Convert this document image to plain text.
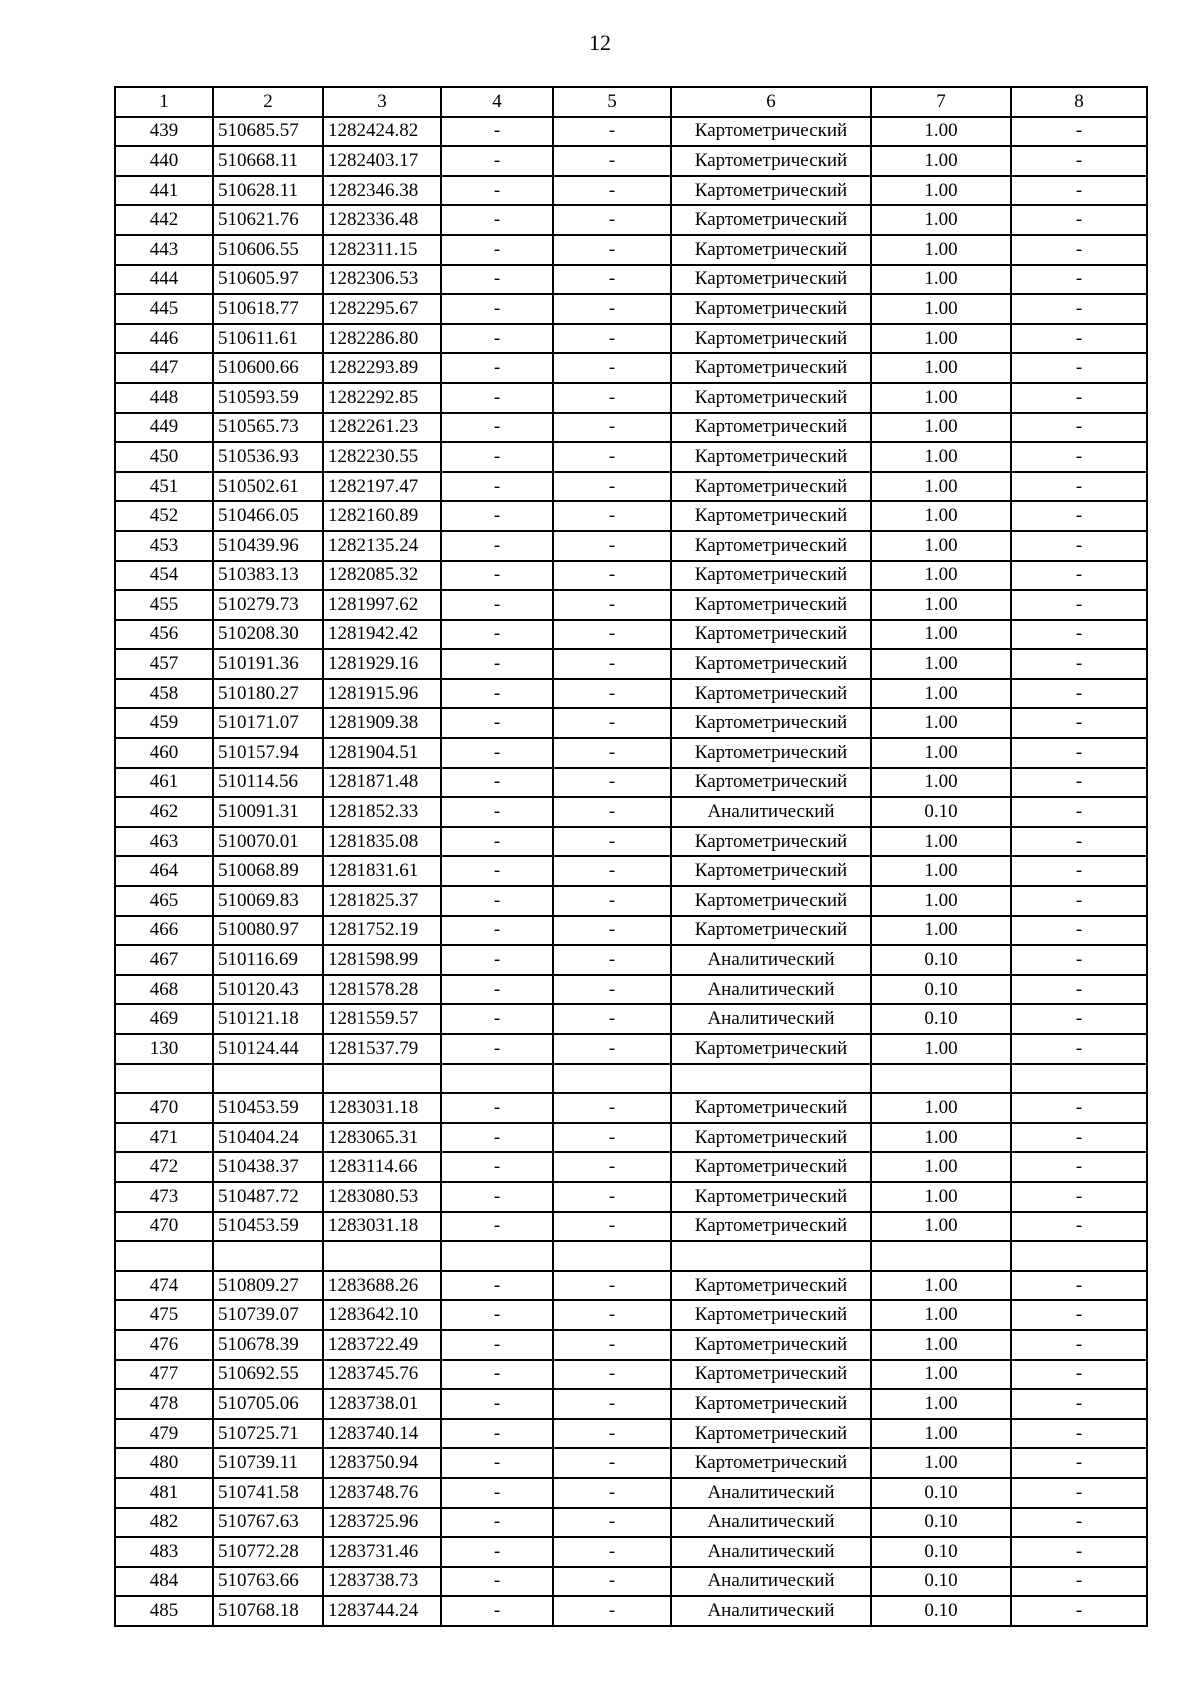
12
1	2	3	4	5	6	7	8
439	510685.57	1282424.82	-	-	Картометрический	1.00	-
440	510668.11	1282403.17	-	-	Картометрический	1.00	-
441	510628.11	1282346.38	-	-	Картометрический	1.00	-
442	510621.76	1282336.48	-	-	Картометрический	1.00	-
443	510606.55	1282311.15	-	-	Картометрический	1.00	-
444	510605.97	1282306.53	-	-	Картометрический	1.00	-
445	510618.77	1282295.67	-	-	Картометрический	1.00	-
446	510611.61	1282286.80	-	-	Картометрический	1.00	-
447	510600.66	1282293.89	-	-	Картометрический	1.00	-
448	510593.59	1282292.85	-	-	Картометрический	1.00	-
449	510565.73	1282261.23	-	-	Картометрический	1.00	-
450	510536.93	1282230.55	-	-	Картометрический	1.00	-
451	510502.61	1282197.47	-	-	Картометрический	1.00	-
452	510466.05	1282160.89	-	-	Картометрический	1.00	-
453	510439.96	1282135.24	-	-	Картометрический	1.00	-
454	510383.13	1282085.32	-	-	Картометрический	1.00	-
455	510279.73	1281997.62	-	-	Картометрический	1.00	-
456	510208.30	1281942.42	-	-	Картометрический	1.00	-
457	510191.36	1281929.16	-	-	Картометрический	1.00	-
458	510180.27	1281915.96	-	-	Картометрический	1.00	-
459	510171.07	1281909.38	-	-	Картометрический	1.00	-
460	510157.94	1281904.51	-	-	Картометрический	1.00	-
461	510114.56	1281871.48	-	-	Картометрический	1.00	-
462	510091.31	1281852.33	-	-	Аналитический	0.10	-
463	510070.01	1281835.08	-	-	Картометрический	1.00	-
464	510068.89	1281831.61	-	-	Картометрический	1.00	-
465	510069.83	1281825.37	-	-	Картометрический	1.00	-
466	510080.97	1281752.19	-	-	Картометрический	1.00	-
467	510116.69	1281598.99	-	-	Аналитический	0.10	-
468	510120.43	1281578.28	-	-	Аналитический	0.10	-
469	510121.18	1281559.57	-	-	Аналитический	0.10	-
130	510124.44	1281537.79	-	-	Картометрический	1.00	-

470	510453.59	1283031.18	-	-	Картометрический	1.00	-
471	510404.24	1283065.31	-	-	Картометрический	1.00	-
472	510438.37	1283114.66	-	-	Картометрический	1.00	-
473	510487.72	1283080.53	-	-	Картометрический	1.00	-
470	510453.59	1283031.18	-	-	Картометрический	1.00	-

474	510809.27	1283688.26	-	-	Картометрический	1.00	-
475	510739.07	1283642.10	-	-	Картометрический	1.00	-
476	510678.39	1283722.49	-	-	Картометрический	1.00	-
477	510692.55	1283745.76	-	-	Картометрический	1.00	-
478	510705.06	1283738.01	-	-	Картометрический	1.00	-
479	510725.71	1283740.14	-	-	Картометрический	1.00	-
480	510739.11	1283750.94	-	-	Картометрический	1.00	-
481	510741.58	1283748.76	-	-	Аналитический	0.10	-
482	510767.63	1283725.96	-	-	Аналитический	0.10	-
483	510772.28	1283731.46	-	-	Аналитический	0.10	-
484	510763.66	1283738.73	-	-	Аналитический	0.10	-
485	510768.18	1283744.24	-	-	Аналитический	0.10	-
